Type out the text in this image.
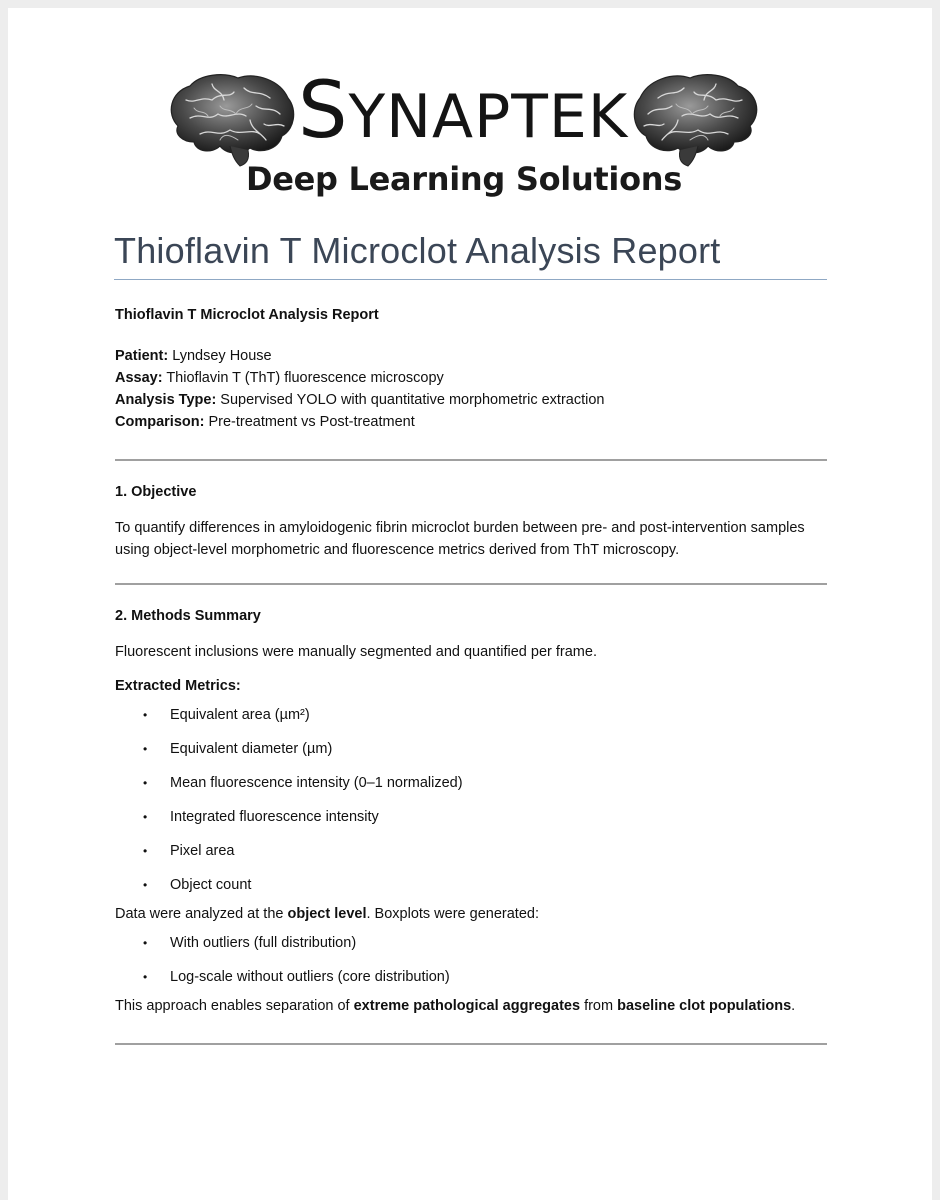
SYNAPTEK
Deep Learning Solutions
Thioflavin T Microclot Analysis Report

Thioflavin T Microclot Analysis Report

Patient: Lyndsey House

Assay: Thioflavin T (ThT) fluorescence microscopy

Analysis Type: Supervised YOLO with quantitative morphometric extraction

Comparison: Pre-treatment vs Post-treatment

1. Objective

To quantify differences in amyloidogenic fibrin microclot burden between pre- and post-intervention samples using object-level morphometric and fluorescence metrics derived from ThT microscopy.

2. Methods Summary

Fluorescent inclusions were manually segmented and quantified per frame.

Extracted Metrics:

• Equivalent area (µm²)
• Equivalent diameter (µm)
• Mean fluorescence intensity (0–1 normalized)
• Integrated fluorescence intensity
• Pixel area
• Object count

Data were analyzed at the object level. Boxplots were generated:

• With outliers (full distribution)
• Log-scale without outliers (core distribution)

This approach enables separation of extreme pathological aggregates from baseline clot populations.
